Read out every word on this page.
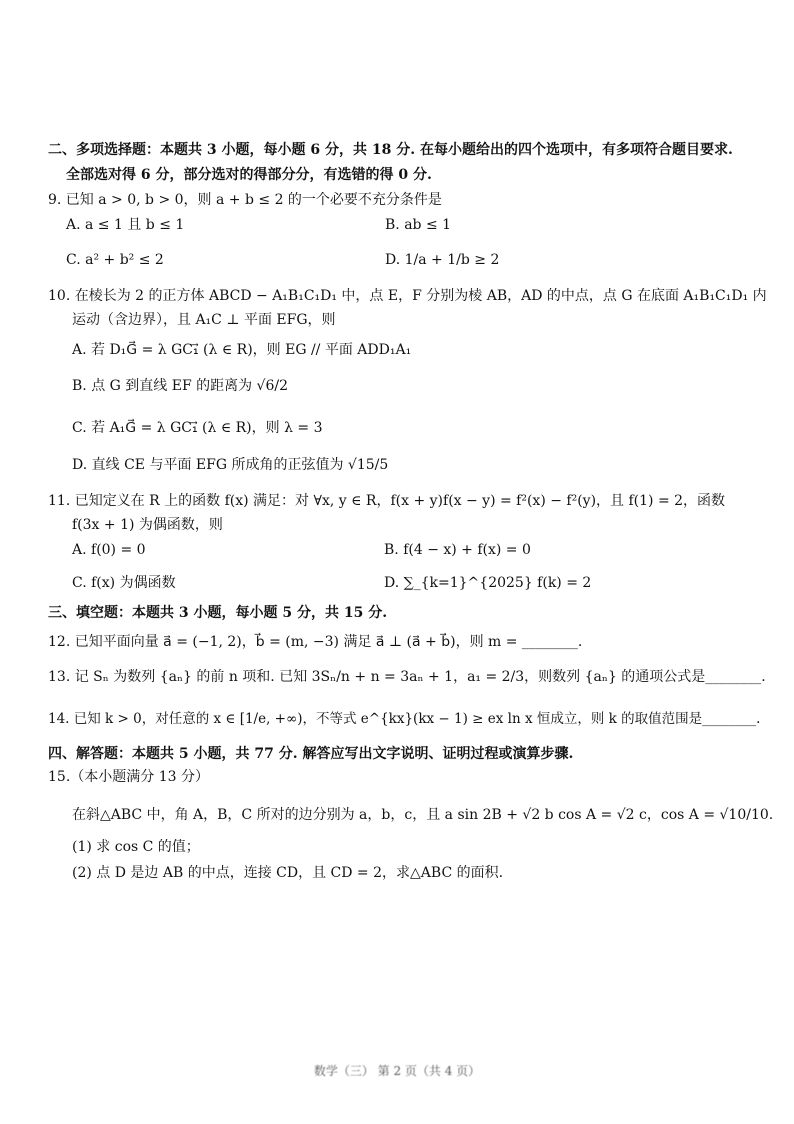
二、多项选择题：本题共 3 小题，每小题 6 分，共 18 分. 在每小题给出的四个选项中，有多项符合题目要求.
全部选对得 6 分，部分选对的得部分分，有选错的得 0 分.
9. 已知 a > 0, b > 0，则 a + b ≤ 2 的一个必要不充分条件是
A. a ≤ 1 且 b ≤ 1	B. ab ≤ 1
C. a² + b² ≤ 2	D. 1/a + 1/b ≥ 2
10. 在棱长为 2 的正方体 ABCD − A₁B₁C₁D₁ 中，点 E，F 分别为棱 AB，AD 的中点，点 G 在底面 A₁B₁C₁D₁ 内
运动（含边界），且 A₁C ⊥ 平面 EFG，则
A. 若 D₁G⃗ = λ GC₁⃗ (λ ∈ R)，则 EG // 平面 ADD₁A₁
B. 点 G 到直线 EF 的距离为 √6/2
C. 若 A₁G⃗ = λ GC₁⃗ (λ ∈ R)，则 λ = 3
D. 直线 CE 与平面 EFG 所成角的正弦值为 √15/5
11. 已知定义在 R 上的函数 f(x) 满足：对 ∀x, y ∈ R，f(x + y)f(x − y) = f²(x) − f²(y)，且 f(1) = 2，函数
f(3x + 1) 为偶函数，则
A. f(0) = 0	B. f(4 − x) + f(x) = 0
C. f(x) 为偶函数	D. ∑_{k=1}^{2025} f(k) = 2
三、填空题：本题共 3 小题，每小题 5 分，共 15 分.
12. 已知平面向量 a⃗ = (−1, 2)，b⃗ = (m, −3) 满足 a⃗ ⊥ (a⃗ + b⃗)，则 m = ________.
13. 记 Sₙ 为数列 {aₙ} 的前 n 项和. 已知 3Sₙ/n + n = 3aₙ + 1，a₁ = 2/3，则数列 {aₙ} 的通项公式是________.
14. 已知 k > 0，对任意的 x ∈ [1/e, +∞)，不等式 e^{kx}(kx − 1) ≥ ex ln x 恒成立，则 k 的取值范围是________.
四、解答题：本题共 5 小题，共 77 分. 解答应写出文字说明、证明过程或演算步骤.
15.（本小题满分 13 分）
在斜△ABC 中，角 A，B，C 所对的边分别为 a，b，c，且 a sin 2B + √2 b cos A = √2 c，cos A = √10/10.
(1) 求 cos C 的值；
(2) 点 D 是边 AB 的中点，连接 CD，且 CD = 2，求△ABC 的面积.
数学（三） 第 2 页（共 4 页）
